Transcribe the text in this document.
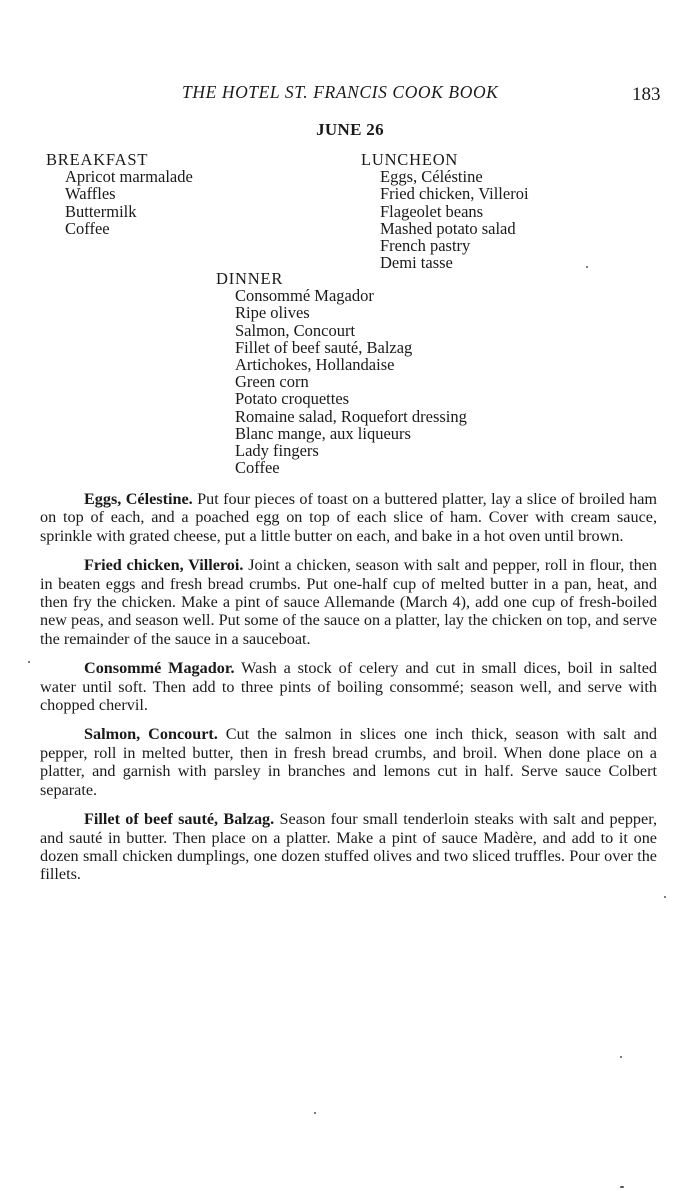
THE HOTEL ST. FRANCIS COOK BOOK	183
JUNE 26
BREAKFAST
Apricot marmalade
Waffles
Buttermilk
Coffee
LUNCHEON
Eggs, Céléstine
Fried chicken, Villeroi
Flageolet beans
Mashed potato salad
French pastry
Demi tasse
DINNER
Consommé Magador
Ripe olives
Salmon, Concourt
Fillet of beef sauté, Balzag
Artichokes, Hollandaise
Green corn
Potato croquettes
Romaine salad, Roquefort dressing
Blanc mange, aux liqueurs
Lady fingers
Coffee

Eggs, Célestine. Put four pieces of toast on a buttered platter, lay a slice of broiled ham on top of each, and a poached egg on top of each slice of ham. Cover with cream sauce, sprinkle with grated cheese, put a little butter on each, and bake in a hot oven until brown.

Fried chicken, Villeroi. Joint a chicken, season with salt and pepper, roll in flour, then in beaten eggs and fresh bread crumbs. Put one-half cup of melted butter in a pan, heat, and then fry the chicken. Make a pint of sauce Allemande (March 4), add one cup of fresh-boiled new peas, and season well. Put some of the sauce on a platter, lay the chicken on top, and serve the remainder of the sauce in a sauceboat.

Consommé Magador. Wash a stock of celery and cut in small dices, boil in salted water until soft. Then add to three pints of boiling consommé; season well, and serve with chopped chervil.

Salmon, Concourt. Cut the salmon in slices one inch thick, season with salt and pepper, roll in melted butter, then in fresh bread crumbs, and broil. When done place on a platter, and garnish with parsley in branches and lemons cut in half. Serve sauce Colbert separate.

Fillet of beef sauté, Balzag. Season four small tenderloin steaks with salt and pepper, and sauté in butter. Then place on a platter. Make a pint of sauce Madère, and add to it one dozen small chicken dumplings, one dozen stuffed olives and two sliced truffles. Pour over the fillets.
